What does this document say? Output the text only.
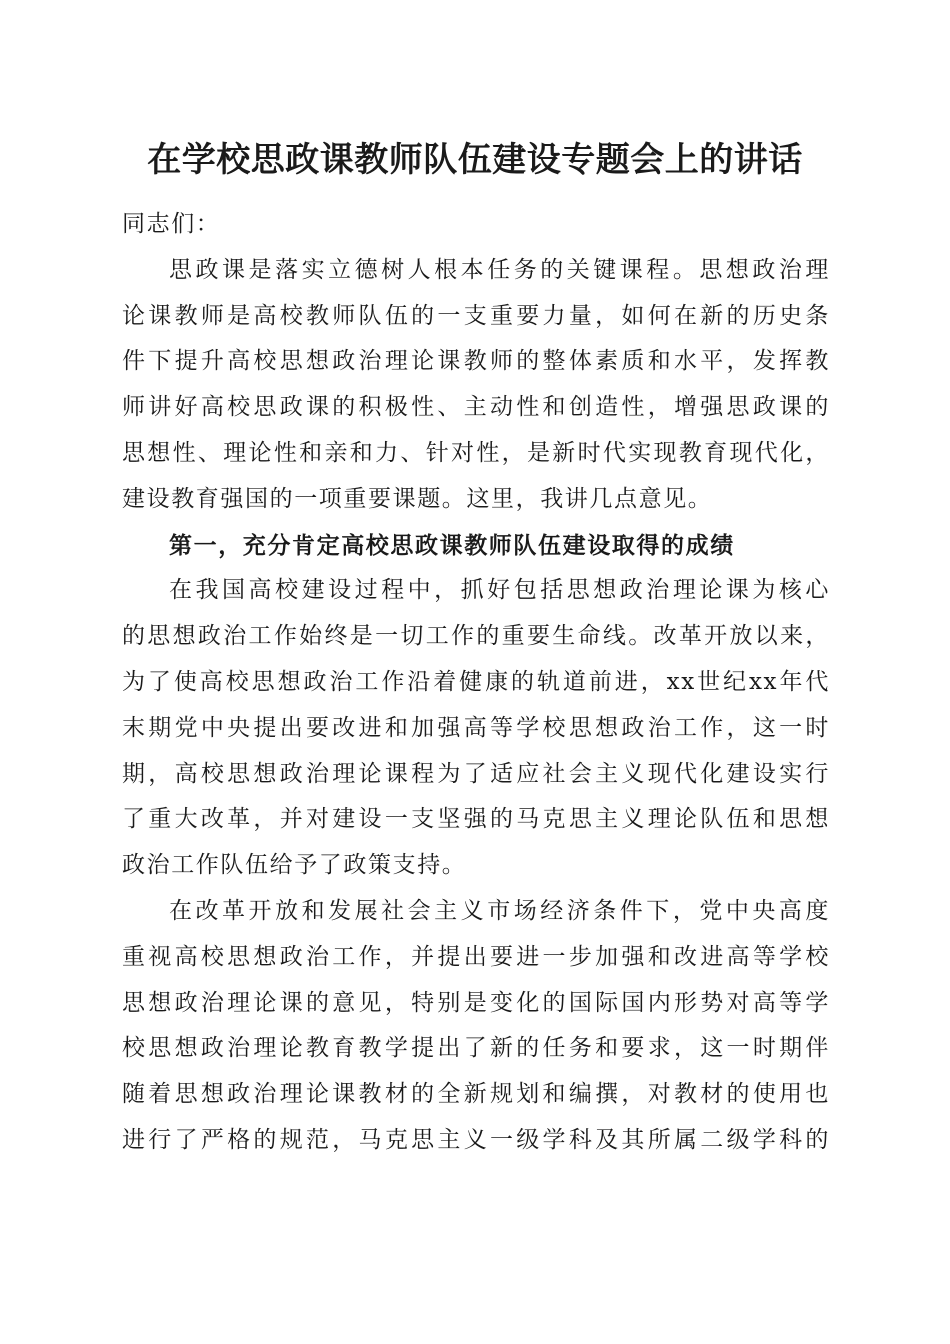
在学校思政课教师队伍建设专题会上的讲话
同志们：
思政课是落实立德树人根本任务的关键课程。思想政治理
论课教师是高校教师队伍的一支重要力量，如何在新的历史条
件下提升高校思想政治理论课教师的整体素质和水平，发挥教
师讲好高校思政课的积极性、主动性和创造性，增强思政课的
思想性、理论性和亲和力、针对性，是新时代实现教育现代化，
建设教育强国的一项重要课题。这里，我讲几点意见。
第一，充分肯定高校思政课教师队伍建设取得的成绩
在我国高校建设过程中，抓好包括思想政治理论课为核心
的思想政治工作始终是一切工作的重要生命线。改革开放以来，
为了使高校思想政治工作沿着健康的轨道前进，xx世纪xx年代
末期党中央提出要改进和加强高等学校思想政治工作，这一时
期，高校思想政治理论课程为了适应社会主义现代化建设实行
了重大改革，并对建设一支坚强的马克思主义理论队伍和思想
政治工作队伍给予了政策支持。
在改革开放和发展社会主义市场经济条件下，党中央高度
重视高校思想政治工作，并提出要进一步加强和改进高等学校
思想政治理论课的意见，特别是变化的国际国内形势对高等学
校思想政治理论教育教学提出了新的任务和要求，这一时期伴
随着思想政治理论课教材的全新规划和编撰，对教材的使用也
进行了严格的规范，马克思主义一级学科及其所属二级学科的
